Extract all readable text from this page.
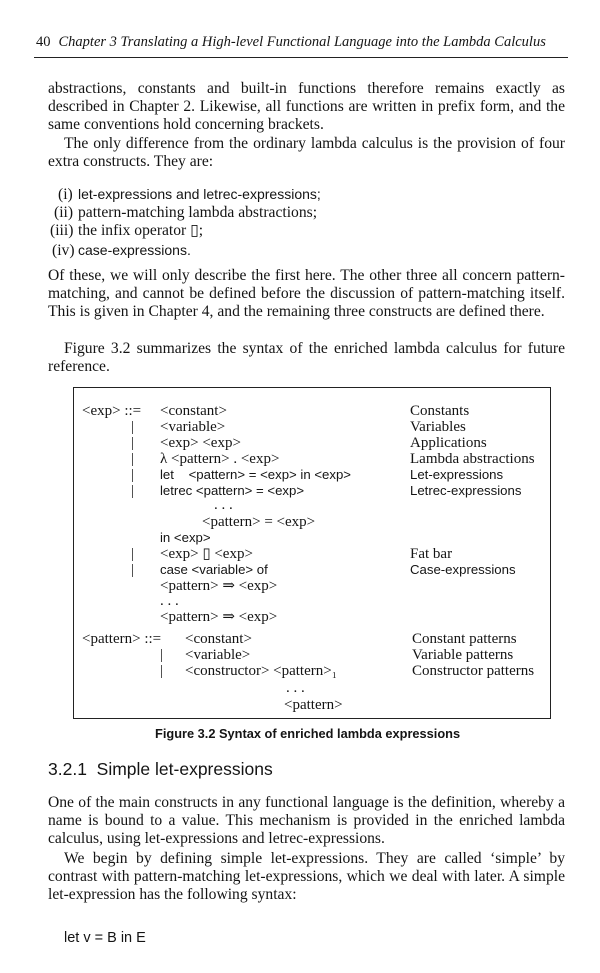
40 Chapter 3 Translating a High-level Functional Language into the Lambda Calculus

abstractions, constants and built-in functions therefore remains exactly as described in Chapter 2. Likewise, all functions are written in prefix form, and the same conventions hold concerning brackets.

The only difference from the ordinary lambda calculus is the provision of four extra constructs. They are:

(i) let-expressions and letrec-expressions;
(ii) pattern-matching lambda abstractions;
(iii) the infix operator ▯;
(iv) case-expressions.

Of these, we will only describe the first here. The other three all concern pattern-matching, and cannot be defined before the discussion of pattern-matching itself. This is given in Chapter 4, and the remaining three constructs are defined there.

Figure 3.2 summarizes the syntax of the enriched lambda calculus for future reference.

<exp> ::= <constant>	Constants
| <variable>	Variables
| <exp> <exp>	Applications
| λ <pattern> . <exp>	Lambda abstractions
| let    <pattern> = <exp> in <exp>	Let-expressions
| letrec <pattern> = <exp>	Letrec-expressions
. . .
<pattern> = <exp>
in <exp>
| <exp> ▯ <exp>	Fat bar
| case <variable> of	Case-expressions
<pattern> ⇒ <exp>
. . .
<pattern> ⇒ <exp>
<pattern> ::= <constant>	Constant patterns
| <variable>	Variable patterns
| <constructor> <pattern>₁	Constructor patterns
. . .
<pattern>
Figure 3.2 Syntax of enriched lambda expressions
3.2.1 Simple let-expressions

One of the main constructs in any functional language is the definition, whereby a name is bound to a value. This mechanism is provided in the enriched lambda calculus, using let-expressions and letrec-expressions.

We begin by defining simple let-expressions. They are called ‘simple’ by contrast with pattern-matching let-expressions, which we deal with later. A simple let-expression has the following syntax:

let v = B in E
